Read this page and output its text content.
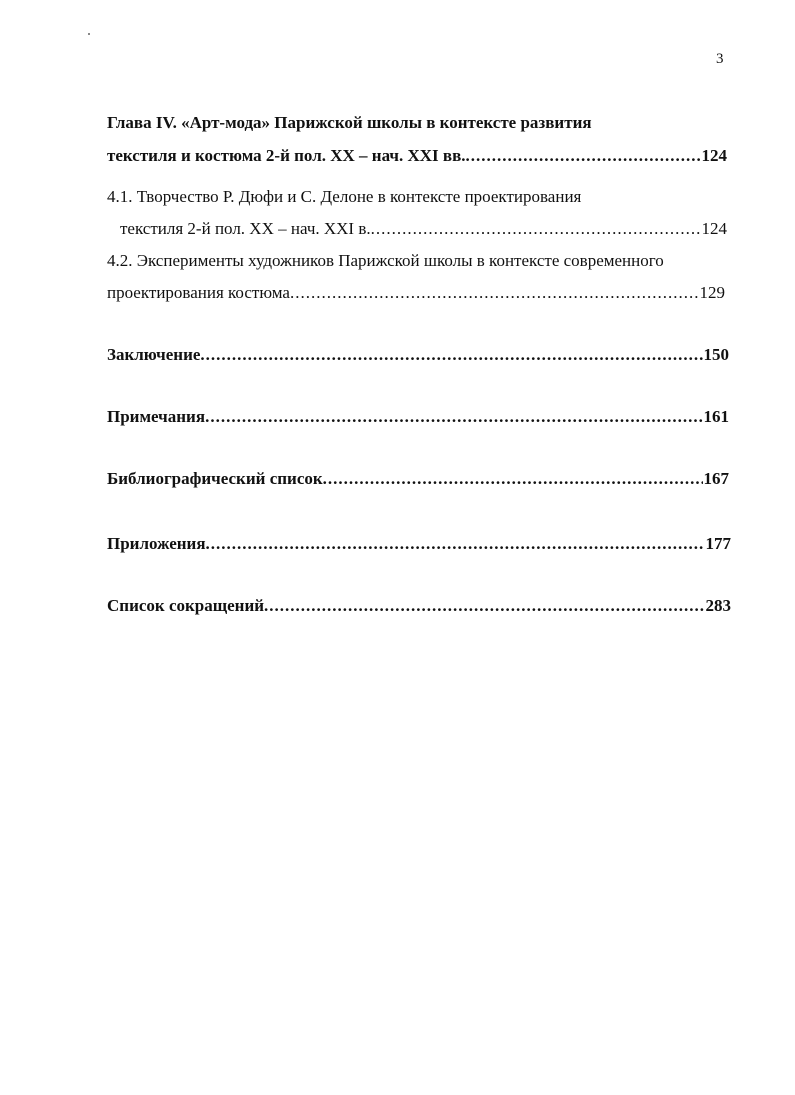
3
Глава IV. «Арт-мода» Парижской школы в контексте развития
текстиля и костюма 2-й пол. XX – нач. XXI вв. .....	124
4.1. Творчество Р. Дюфи и С. Делоне в контексте проектирования
текстиля 2-й пол. XX – нач. XXI в. .....	124
4.2. Эксперименты художников Парижской школы в контексте современного
проектирования костюма .....	129
Заключение .....	150
Примечания .....	161
Библиографический список .....	167
Приложения .....	177
Список сокращений .....	283
